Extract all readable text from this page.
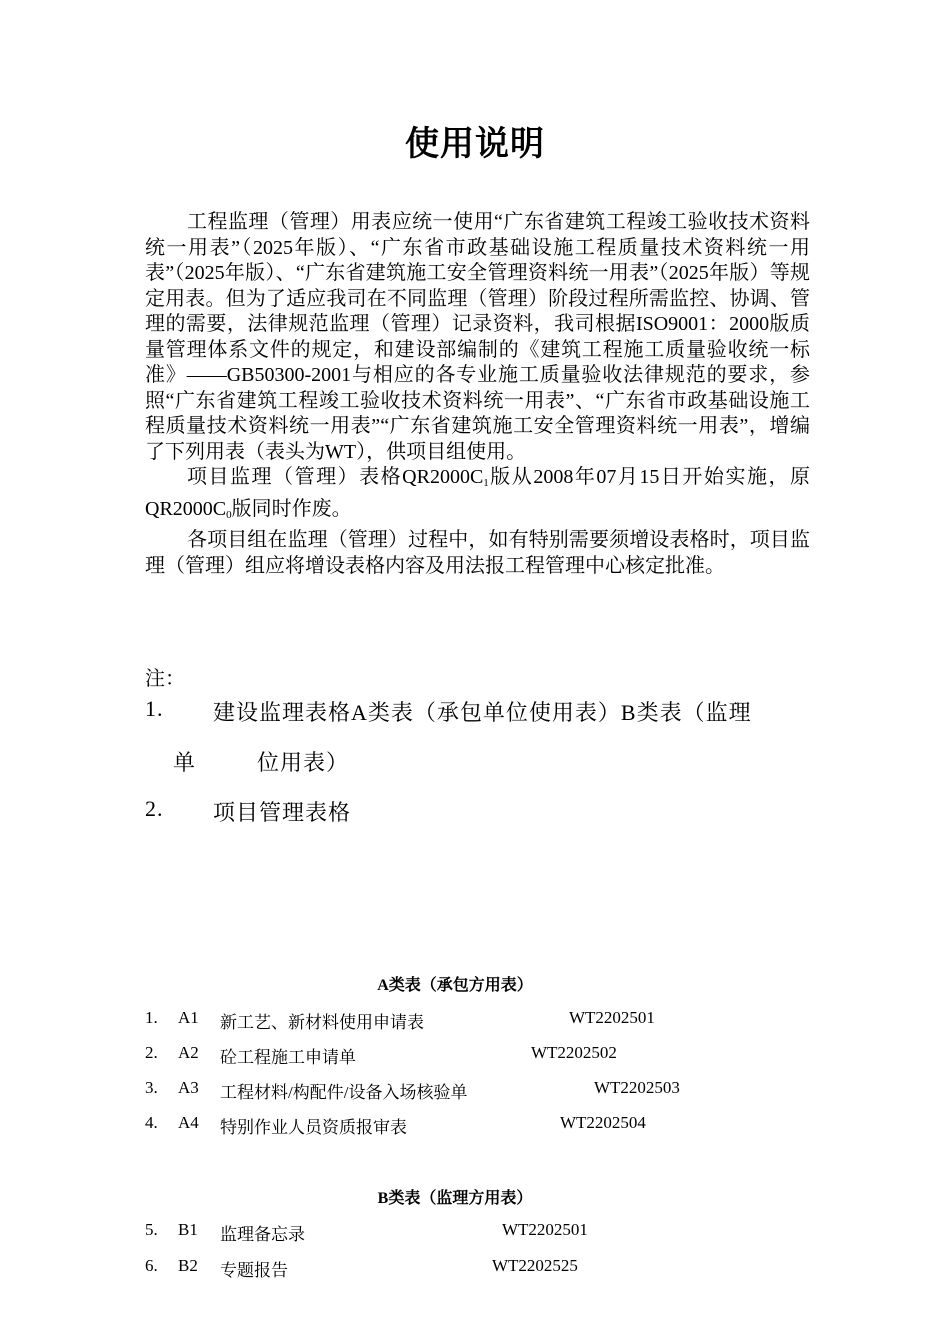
使用说明

工程监理（管理）用表应统一使用“广东省建筑工程竣工验收技术资料统一用表”（2025年版）、“广东省市政基础设施工程质量技术资料统一用表”（2025年版）、“广东省建筑施工安全管理资料统一用表”（2025年版）等规定用表。但为了适应我司在不同监理（管理）阶段过程所需监控、协调、管理的需要，法律规范监理（管理）记录资料，我司根据ISO9001：2000版质量管理体系文件的规定，和建设部编制的《建筑工程施工质量验收统一标准》——GB50300-2001与相应的各专业施工质量验收法律规范的要求，参照“广东省建筑工程竣工验收技术资料统一用表”、“广东省市政基础设施工程质量技术资料统一用表”“广东省建筑施工安全管理资料统一用表”，增编了下列用表（表头为WT），供项目组使用。

项目监理（管理）表格$QR2000C_1$版从2008年07月15日开始实施，原$QR2000C_0$版同时作废。

各项目组在监理（管理）过程中，如有特别需要须增设表格时，项目监理（管理）组应将增设表格内容及用法报工程管理中心核定批准。

注：
1. 建设监理表格A类表（承包单位使用表）B类表（监理
单	位用表）
2. 项目管理表格
A类表（承包方用表）
1. A1 新工艺、新材料使用申请表	WT2202501
2. A2 砼工程施工申请单	WT2202502
3. A3 工程材料/构配件/设备入场核验单	WT2202503
4. A4 特别作业人员资质报审表	WT2202504
B类表（监理方用表）
5. B1 监理备忘录	WT2202501
6. B2 专题报告	WT2202525
